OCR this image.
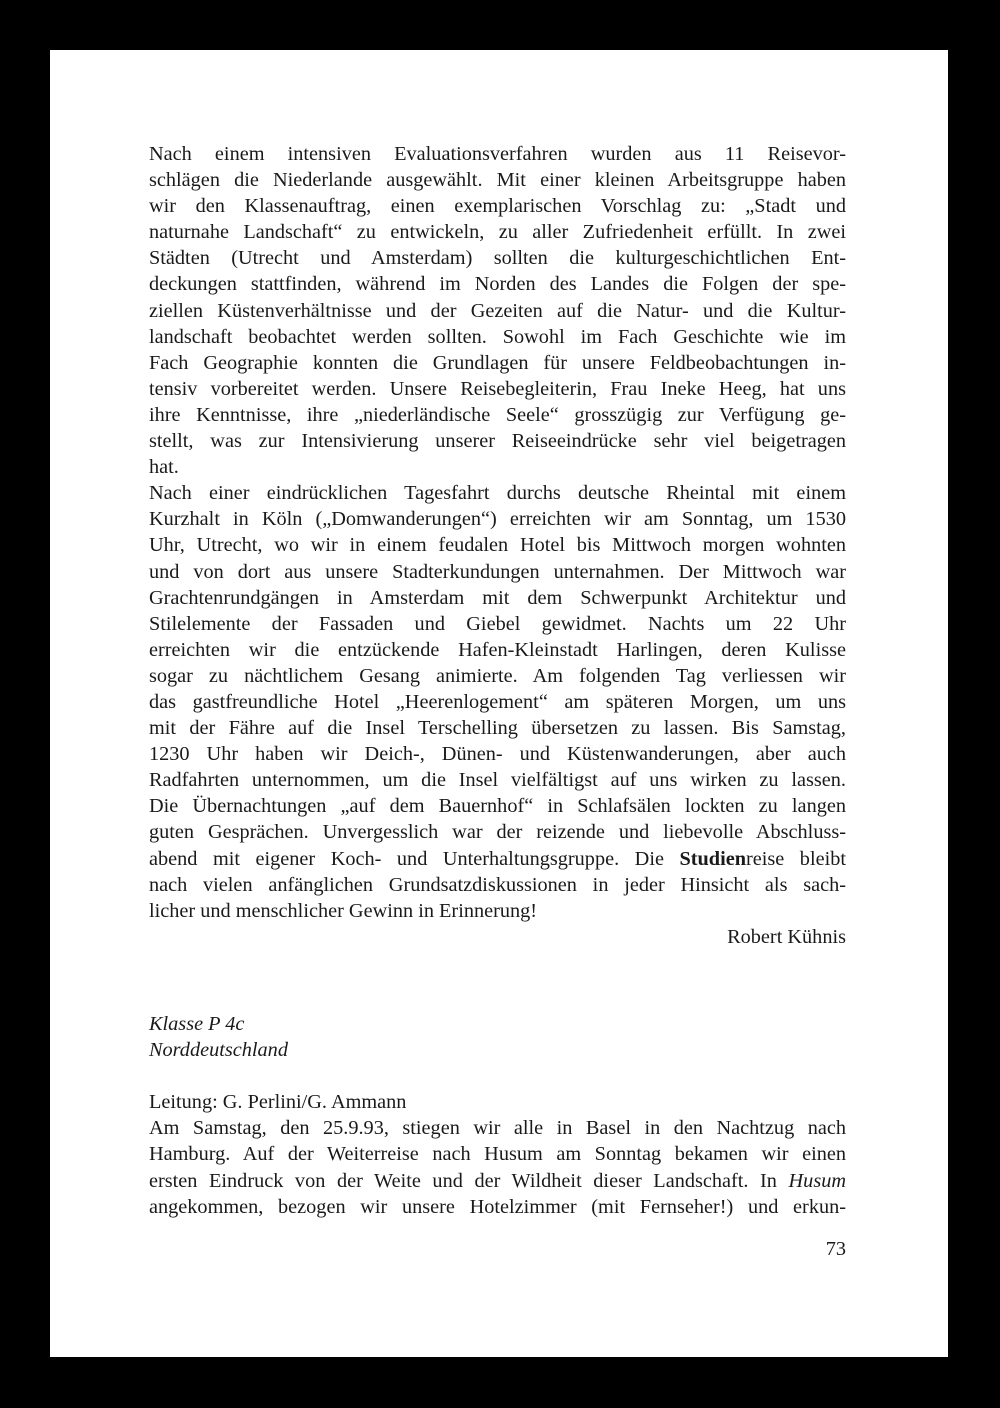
Nach einem intensiven Evaluationsverfahren wurden aus 11 Reisevor-
schlägen die Niederlande ausgewählt. Mit einer kleinen Arbeitsgruppe haben
wir den Klassenauftrag, einen exemplarischen Vorschlag zu: „Stadt und
naturnahe Landschaft“ zu entwickeln, zu aller Zufriedenheit erfüllt. In zwei
Städten (Utrecht und Amsterdam) sollten die kulturgeschichtlichen Ent-
deckungen stattfinden, während im Norden des Landes die Folgen der spe-
ziellen Küstenverhältnisse und der Gezeiten auf die Natur- und die Kultur-
landschaft beobachtet werden sollten. Sowohl im Fach Geschichte wie im
Fach Geographie konnten die Grundlagen für unsere Feldbeobachtungen in-
tensiv vorbereitet werden. Unsere Reisebegleiterin, Frau Ineke Heeg, hat uns
ihre Kenntnisse, ihre „niederländische Seele“ grosszügig zur Verfügung ge-
stellt, was zur Intensivierung unserer Reiseeindrücke sehr viel beigetragen
hat.
Nach einer eindrücklichen Tagesfahrt durchs deutsche Rheintal mit einem
Kurzhalt in Köln („Domwanderungen“) erreichten wir am Sonntag, um 1530
Uhr, Utrecht, wo wir in einem feudalen Hotel bis Mittwoch morgen wohnten
und von dort aus unsere Stadterkundungen unternahmen. Der Mittwoch war
Grachtenrundgängen in Amsterdam mit dem Schwerpunkt Architektur und
Stilelemente der Fassaden und Giebel gewidmet. Nachts um 22 Uhr
erreichten wir die entzückende Hafen-Kleinstadt Harlingen, deren Kulisse
sogar zu nächtlichem Gesang animierte. Am folgenden Tag verliessen wir
das gastfreundliche Hotel „Heerenlogement“ am späteren Morgen, um uns
mit der Fähre auf die Insel Terschelling übersetzen zu lassen. Bis Samstag,
1230 Uhr haben wir Deich-, Dünen- und Küstenwanderungen, aber auch
Radfahrten unternommen, um die Insel vielfältigst auf uns wirken zu lassen.
Die Übernachtungen „auf dem Bauernhof“ in Schlafsälen lockten zu langen
guten Gesprächen. Unvergesslich war der reizende und liebevolle Abschluss-
abend mit eigener Koch- und Unterhaltungsgruppe. Die Studienreise bleibt
nach vielen anfänglichen Grundsatzdiskussionen in jeder Hinsicht als sach-
licher und menschlicher Gewinn in Erinnerung!
Robert Kühnis
Klasse P 4c
Norddeutschland
Leitung: G. Perlini/G. Ammann
Am Samstag, den 25.9.93, stiegen wir alle in Basel in den Nachtzug nach
Hamburg. Auf der Weiterreise nach Husum am Sonntag bekamen wir einen
ersten Eindruck von der Weite und der Wildheit dieser Landschaft. In Husum
angekommen, bezogen wir unsere Hotelzimmer (mit Fernseher!) und erkun-
73
